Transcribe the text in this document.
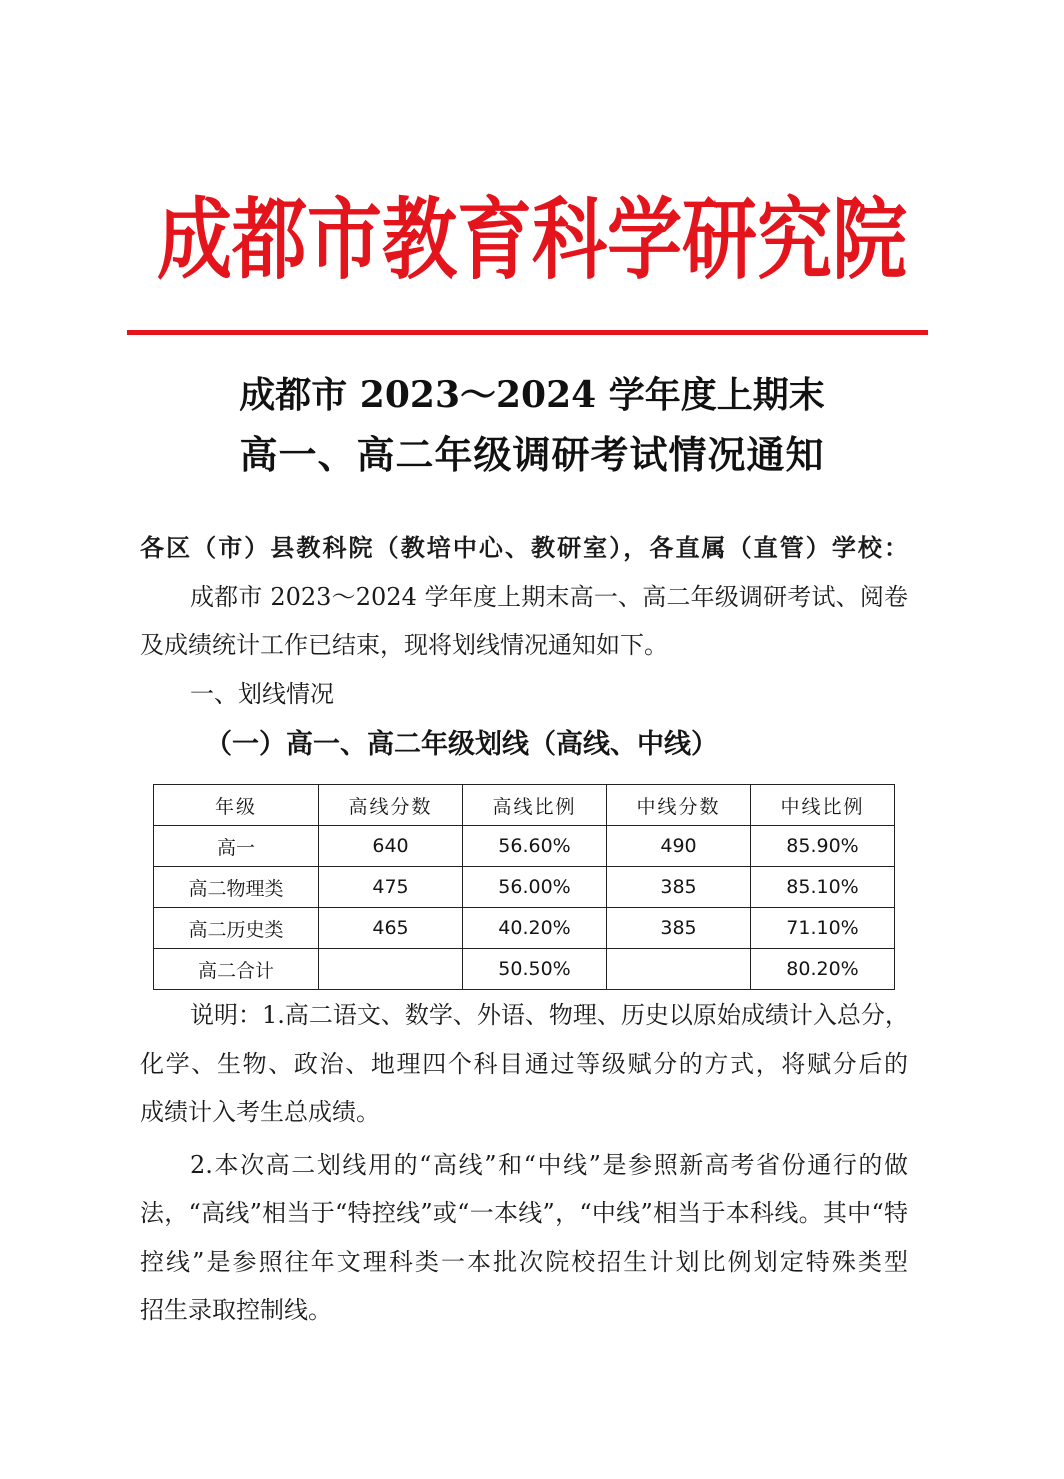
成都市教育科学研究院
成都市 2023～2024 学年度上期末
高一、高二年级调研考试情况通知
各区（市）县教科院（教培中心、教研室），各直属（直管）学校：
成都市 2023～2024 学年度上期末高一、高二年级调研考试、阅卷
及成绩统计工作已结束，现将划线情况通知如下。
一、划线情况
（一）高一、高二年级划线（高线、中线）
年级	高线分数	高线比例	中线分数	中线比例
高一	640	56.60%	490	85.90%
高二物理类	475	56.00%	385	85.10%
高二历史类	465	40.20%	385	71.10%
高二合计		50.50%		80.20%
说明：1.高二语文、数学、外语、物理、历史以原始成绩计入总分，
化学、生物、政治、地理四个科目通过等级赋分的方式，将赋分后的
成绩计入考生总成绩。
2.本次高二划线用的“高线”和“中线”是参照新高考省份通行的做
法，“高线”相当于“特控线”或“一本线”，“中线”相当于本科线。其中“特
控线”是参照往年文理科类一本批次院校招生计划比例划定特殊类型
招生录取控制线。
